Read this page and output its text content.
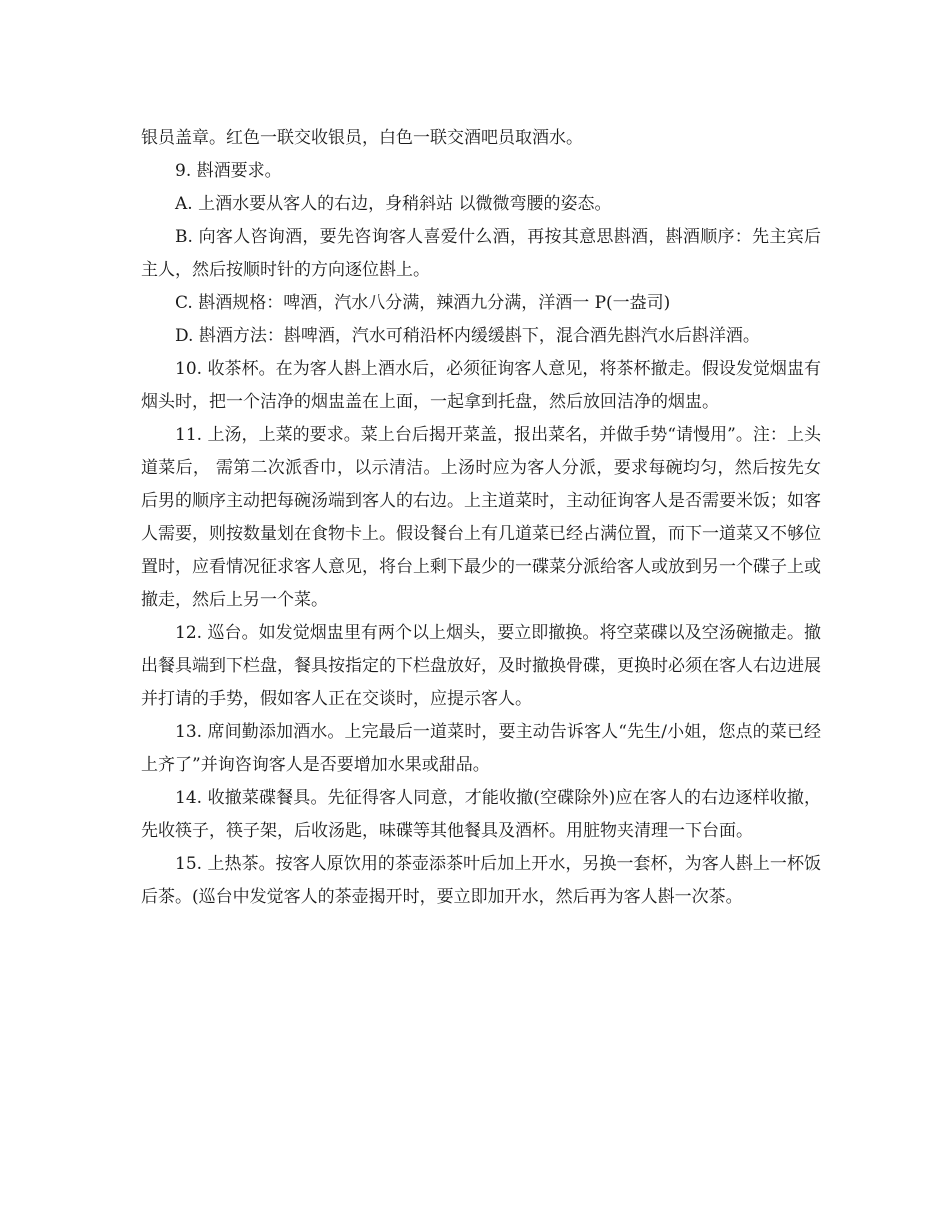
银员盖章。红色一联交收银员，白色一联交酒吧员取酒水。

9. 斟酒要求。

A. 上酒水要从客人的右边，身稍斜站 以微微弯腰的姿态。

B. 向客人咨询酒，要先咨询客人喜爱什么酒，再按其意思斟酒，斟酒顺序：先主宾后主人，然后按顺时针的方向逐位斟上。

C. 斟酒规格：啤酒，汽水八分满，辣酒九分满，洋酒一 P(一盎司)

D. 斟酒方法：斟啤酒，汽水可稍沿杯内缓缓斟下，混合酒先斟汽水后斟洋酒。

10. 收茶杯。在为客人斟上酒水后，必须征询客人意见，将茶杯撤走。假设发觉烟盅有烟头时，把一个洁净的烟盅盖在上面，一起拿到托盘，然后放回洁净的烟盅。

11. 上汤，上菜的要求。菜上台后揭开菜盖，报出菜名，并做手势“请慢用”。注：上头道菜后， 需第二次派香巾，以示清洁。上汤时应为客人分派，要求每碗均匀，然后按先女后男的顺序主动把每碗汤端到客人的右边。上主道菜时，主动征询客人是否需要米饭；如客人需要，则按数量划在食物卡上。假设餐台上有几道菜已经占满位置，而下一道菜又不够位置时，应看情况征求客人意见，将台上剩下最少的一碟菜分派给客人或放到另一个碟子上或撤走，然后上另一个菜。

12. 巡台。如发觉烟盅里有两个以上烟头，要立即撤换。将空菜碟以及空汤碗撤走。撤出餐具端到下栏盘，餐具按指定的下栏盘放好，及时撤换骨碟，更换时必须在客人右边进展并打请的手势，假如客人正在交谈时，应提示客人。

13. 席间勤添加酒水。上完最后一道菜时，要主动告诉客人“先生/小姐，您点的菜已经上齐了”并询咨询客人是否要增加水果或甜品。

14. 收撤菜碟餐具。先征得客人同意，才能收撤(空碟除外)应在客人的右边逐样收撤，先收筷子，筷子架，后收汤匙，味碟等其他餐具及酒杯。用脏物夹清理一下台面。

15. 上热茶。按客人原饮用的茶壶添茶叶后加上开水，另换一套杯，为客人斟上一杯饭后茶。(巡台中发觉客人的茶壶揭开时，要立即加开水，然后再为客人斟一次茶。
